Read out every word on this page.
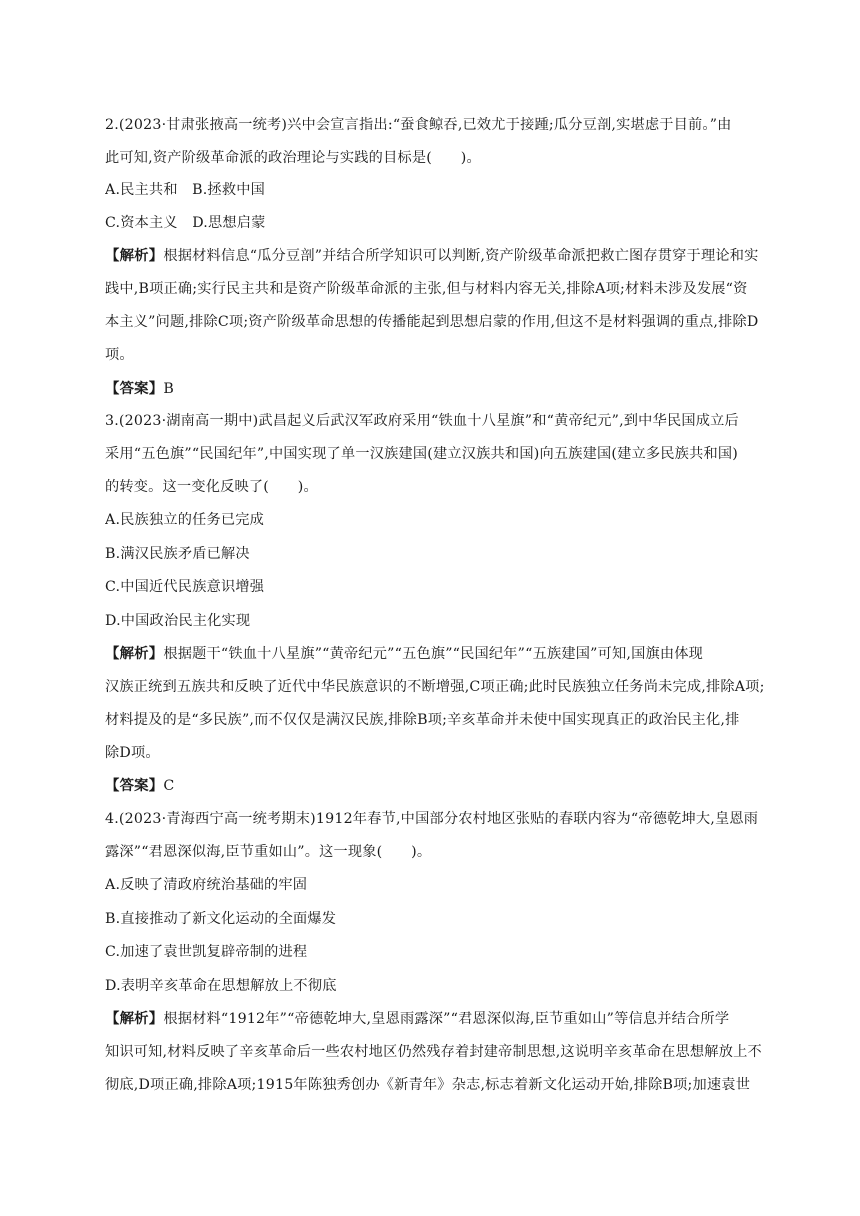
2.(2023·甘肃张掖高一统考)兴中会宣言指出:“蚕食鲸吞,已效尤于接踵;瓜分豆剖,实堪虑于目前。”由
此可知,资产阶级革命派的政治理论与实践的目标是(　　)。
A.民主共和　B.拯救中国
C.资本主义　D.思想启蒙
【解析】根据材料信息“瓜分豆剖”并结合所学知识可以判断,资产阶级革命派把救亡图存贯穿于理论和实
践中,B项正确;实行民主共和是资产阶级革命派的主张,但与材料内容无关,排除A项;材料未涉及发展“资
本主义”问题,排除C项;资产阶级革命思想的传播能起到思想启蒙的作用,但这不是材料强调的重点,排除D
项。
【答案】B
3.(2023·湖南高一期中)武昌起义后武汉军政府采用“铁血十八星旗”和“黄帝纪元”,到中华民国成立后
采用“五色旗”“民国纪年”,中国实现了单一汉族建国(建立汉族共和国)向五族建国(建立多民族共和国)
的转变。这一变化反映了(　　)。
A.民族独立的任务已完成
B.满汉民族矛盾已解决
C.中国近代民族意识增强
D.中国政治民主化实现
【解析】根据题干“铁血十八星旗”“黄帝纪元”“五色旗”“民国纪年”“五族建国”可知,国旗由体现
汉族正统到五族共和反映了近代中华民族意识的不断增强,C项正确;此时民族独立任务尚未完成,排除A项;
材料提及的是“多民族”,而不仅仅是满汉民族,排除B项;辛亥革命并未使中国实现真正的政治民主化,排
除D项。
【答案】C
4.(2023·青海西宁高一统考期末)1912年春节,中国部分农村地区张贴的春联内容为“帝德乾坤大,皇恩雨
露深”“君恩深似海,臣节重如山”。这一现象(　　)。
A.反映了清政府统治基础的牢固
B.直接推动了新文化运动的全面爆发
C.加速了袁世凯复辟帝制的进程
D.表明辛亥革命在思想解放上不彻底
【解析】根据材料“1912年”“帝德乾坤大,皇恩雨露深”“君恩深似海,臣节重如山”等信息并结合所学
知识可知,材料反映了辛亥革命后一些农村地区仍然残存着封建帝制思想,这说明辛亥革命在思想解放上不
彻底,D项正确,排除A项;1915年陈独秀创办《新青年》杂志,标志着新文化运动开始,排除B项;加速袁世
